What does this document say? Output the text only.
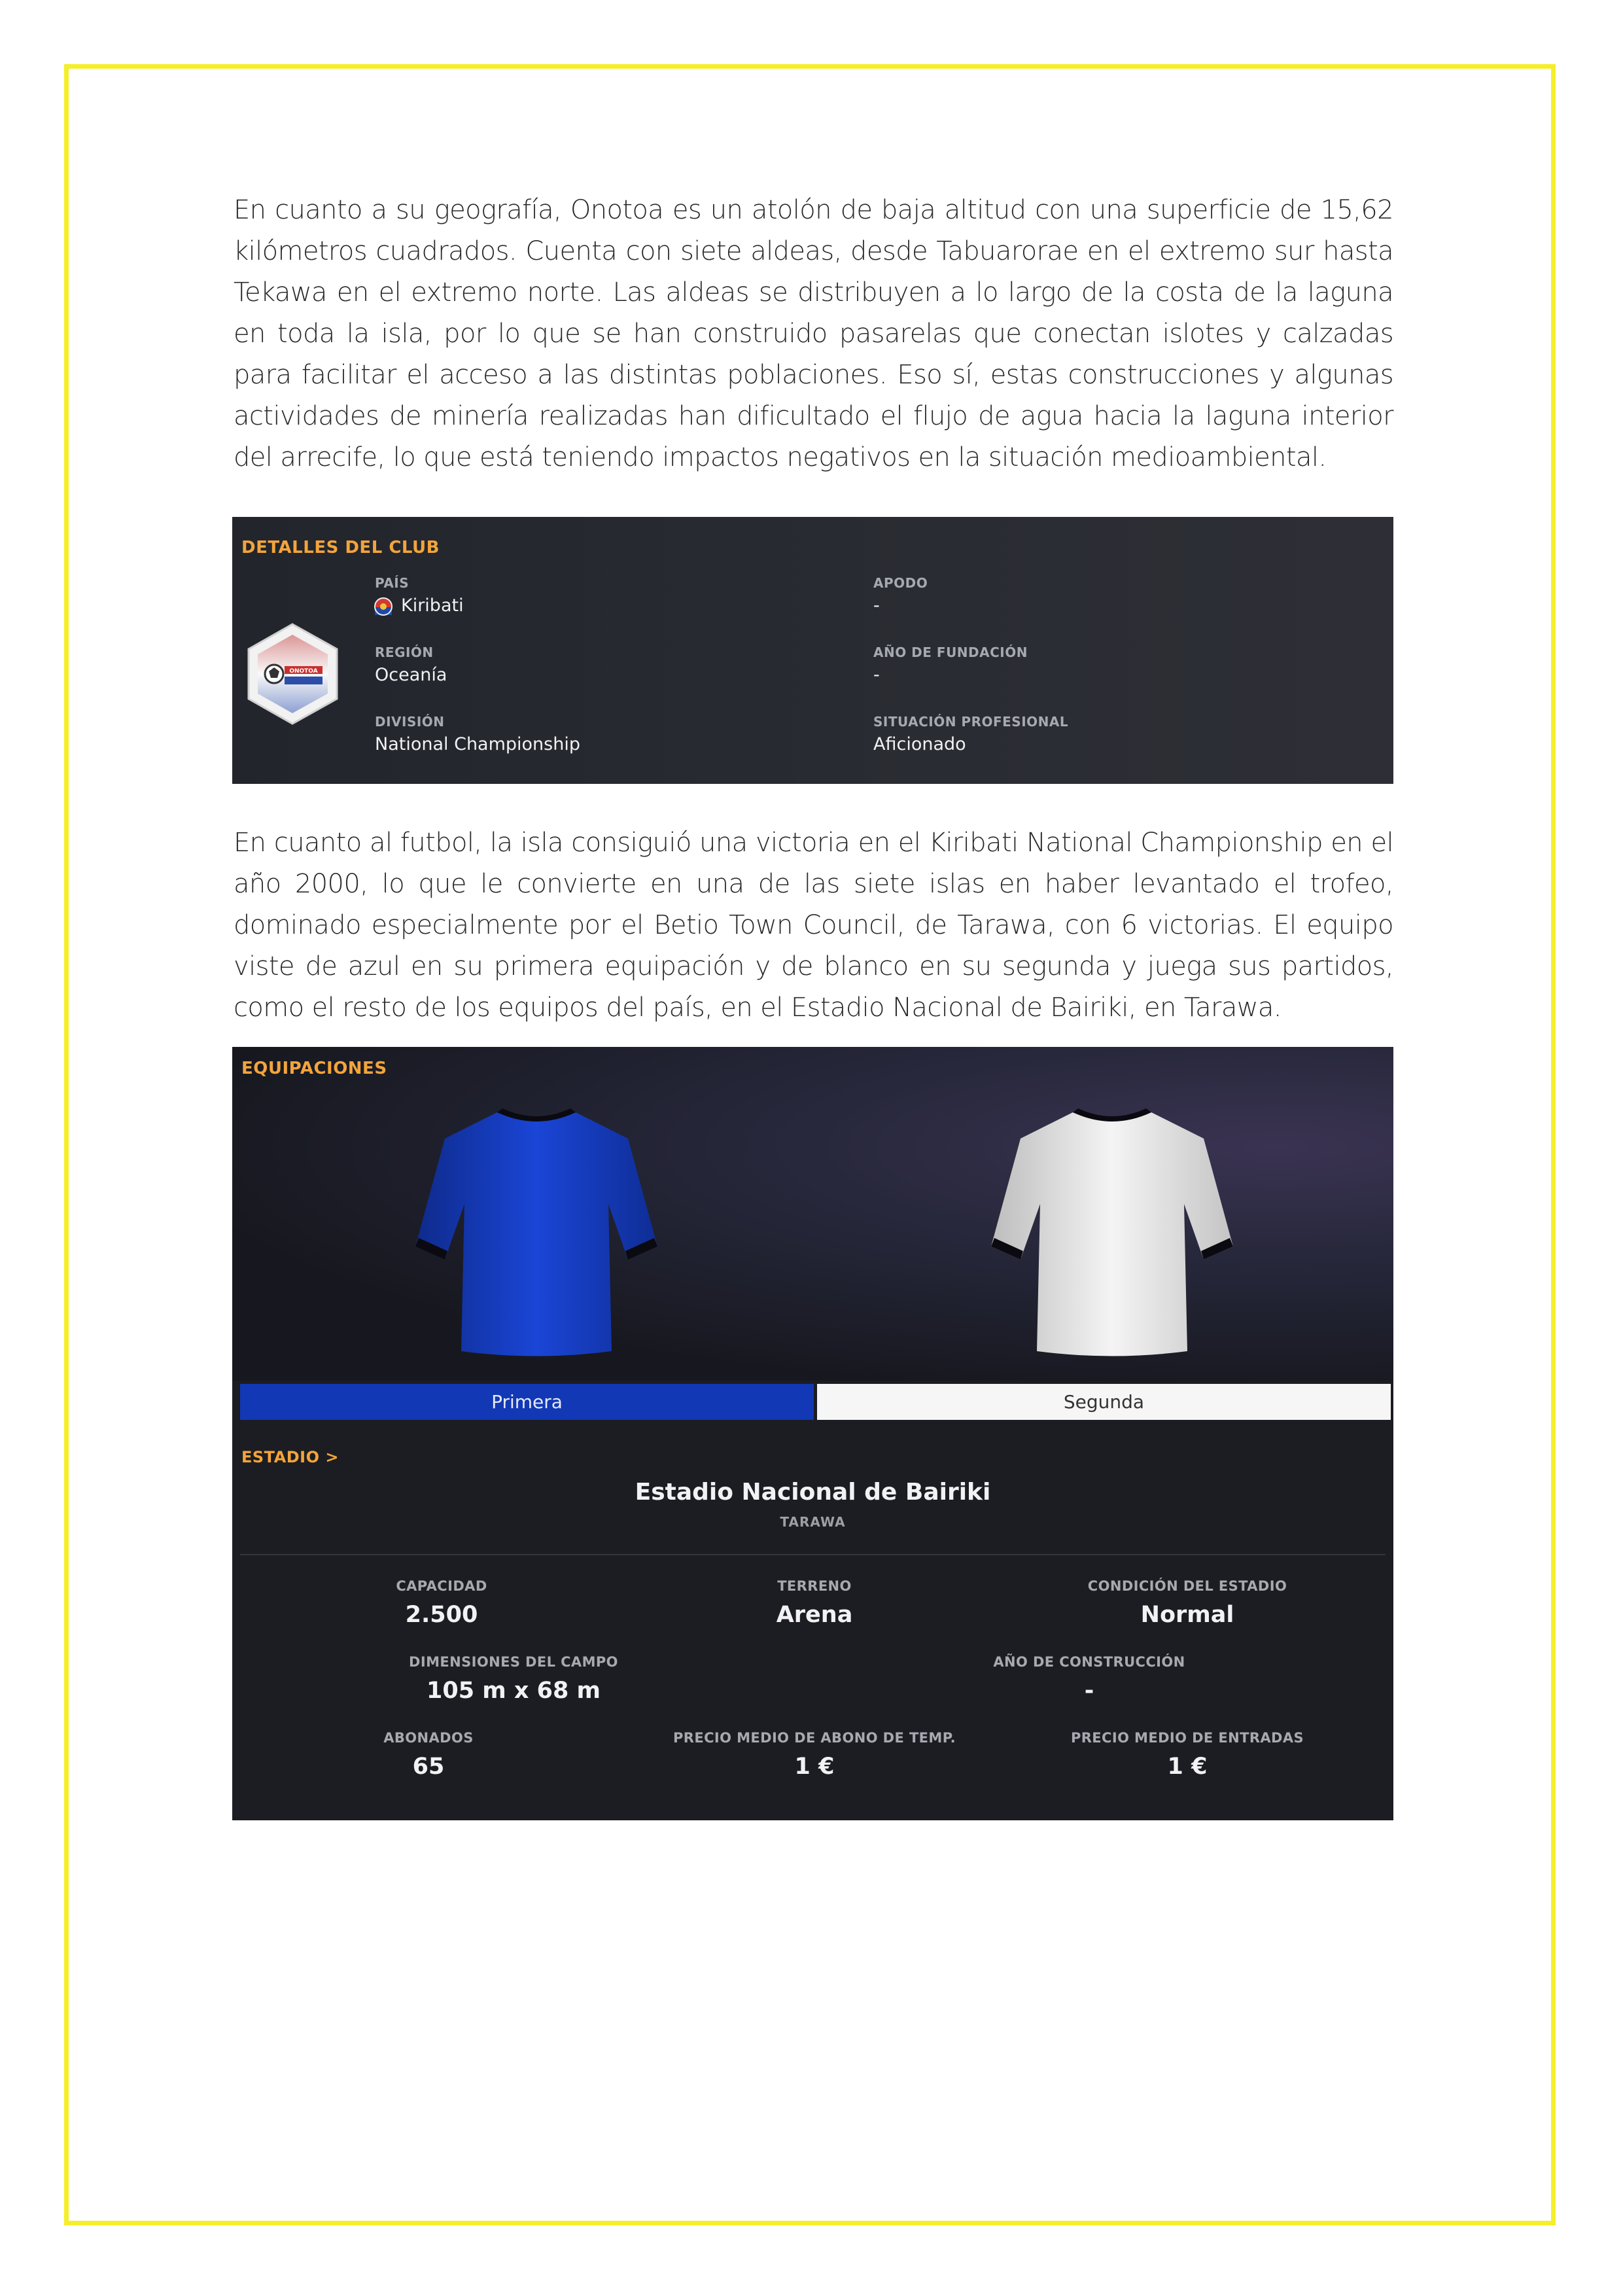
En cuanto a su geografía, Onotoa es un atolón de baja altitud con una superficie de 15,62 kilómetros cuadrados. Cuenta con siete aldeas, desde Tabuarorae en el extremo sur hasta Tekawa en el extremo norte. Las aldeas se distribuyen a lo largo de la costa de la laguna en toda la isla, por lo que se han construido pasarelas que conectan islotes y calzadas para facilitar el acceso a las distintas poblaciones. Eso sí, estas construcciones y algunas actividades de minería realizadas han dificultado el flujo de agua hacia la laguna interior del arrecife, lo que está teniendo impactos negativos en la situación medioambiental.

DETALLES DEL CLUB
ONOTOA
PAÍS
Kiribati
REGIÓN
Oceanía
DIVISIÓN
National Championship
APODO
-
AÑO DE FUNDACIÓN
-
SITUACIÓN PROFESIONAL
Aficionado

En cuanto al futbol, la isla consiguió una victoria en el Kiribati National Championship en el año 2000, lo que le convierte en una de las siete islas en haber levantado el trofeo, dominado especialmente por el Betio Town Council, de Tarawa, con 6 victorias. El equipo viste de azul en su primera equipación y de blanco en su segunda y juega sus partidos, como el resto de los equipos del país, en el Estadio Nacional de Bairiki, en Tarawa.

EQUIPACIONES
Primera	Segunda
ESTADIO >
Estadio Nacional de Bairiki
TARAWA
CAPACIDAD
2.500
TERRENO
Arena
CONDICIÓN DEL ESTADIO
Normal
DIMENSIONES DEL CAMPO
105 m x 68 m
AÑO DE CONSTRUCCIÓN
-
ABONADOS
65
PRECIO MEDIO DE ABONO DE TEMP.
1 €
PRECIO MEDIO DE ENTRADAS
1 €
